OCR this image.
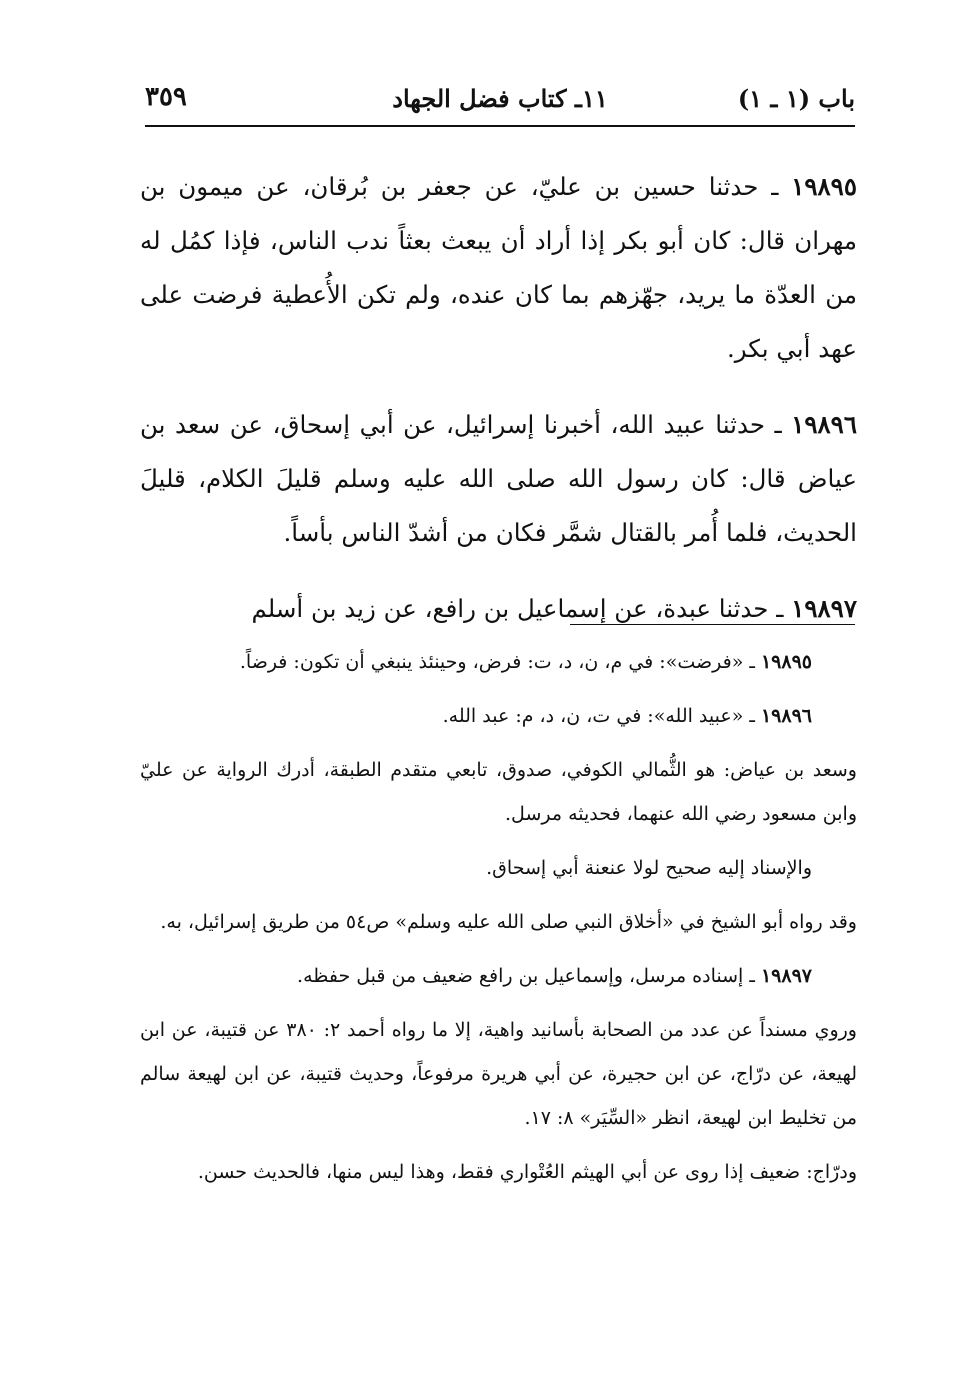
باب (١ ـ ١)
١١ـ كتاب فضل الجهاد
٣٥٩

١٩٨٩٥ ـ حدثنا حسين بن عليّ، عن جعفر بن بُرقان، عن ميمون بن مهران قال: كان أبو بكر إذا أراد أن يبعث بعثاً ندب الناس، فإذا كمُل له من العدّة ما يريد، جهّزهم بما كان عنده، ولم تكن الأُعطية فرضت على عهد أبي بكر.

١٩٨٩٦ ـ حدثنا عبيد الله، أخبرنا إسرائيل، عن أبي إسحاق، عن سعد بن عياض قال: كان رسول الله صلى الله عليه وسلم قليلَ الكلام، قليلَ الحديث، فلما أُمر بالقتال شمَّر فكان من أشدّ الناس بأساً.

١٩٨٩٧ ـ حدثنا عبدة، عن إسماعيل بن رافع، عن زيد بن أسلم

١٩٨٩٥ ـ «فرضت»: في م، ن، د، ت: فرض، وحينئذ ينبغي أن تكون: فرضاً.

١٩٨٩٦ ـ «عبيد الله»: في ت، ن، د، م: عبد الله.

وسعد بن عياض: هو الثُّمالي الكوفي، صدوق، تابعي متقدم الطبقة، أدرك الرواية عن عليّ وابن مسعود رضي الله عنهما، فحديثه مرسل.

والإسناد إليه صحيح لولا عنعنة أبي إسحاق.

وقد رواه أبو الشيخ في «أخلاق النبي صلى الله عليه وسلم» ص٥٤ من طريق إسرائيل، به.

١٩٨٩٧ ـ إسناده مرسل، وإسماعيل بن رافع ضعيف من قبل حفظه.

وروي مسنداً عن عدد من الصحابة بأسانيد واهية، إلا ما رواه أحمد ٢: ٣٨٠ عن قتيبة، عن ابن لهيعة، عن درّاج، عن ابن حجيرة، عن أبي هريرة مرفوعاً، وحديث قتيبة، عن ابن لهيعة سالم من تخليط ابن لهيعة، انظر «السِّيَر» ٨: ١٧.

ودرّاج: ضعيف إذا روى عن أبي الهيثم العُتْواري فقط، وهذا ليس منها، فالحديث حسن.
